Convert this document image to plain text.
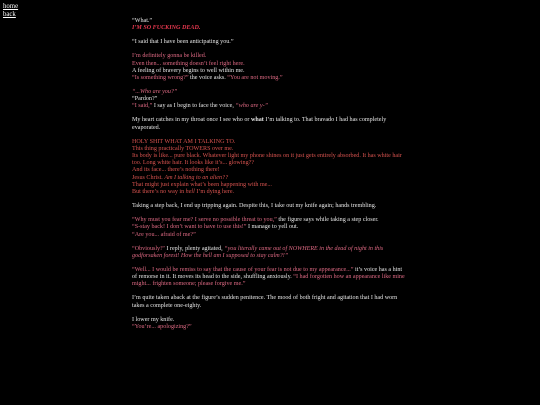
home
back

“What.”
I’M SO FUCKING DEAD.

“I said that I have been anticipating you.”

I’m definitely gonna be killed.
Even then... something doesn’t feel right here.
A feeling of bravery begins to well within me.
“Is something wrong?” the voice asks. “You are not moving.”

“...Who are you?”
“Pardon?”
“I said,” I say as I begin to face the voice, “who are y-”

My heart catches in my throat once I see who or what I’m talking to. That bravado I had has completely evaporated.

HOLY SHIT WHAT AM I TALKING TO.
This thing practically TOWERS over me.
Its body is like... pure black. Whatever light my phone shines on it just gets entirely absorbed. It has white hair too. Long white hair. It looks like it’s... glowing??
And its face... there’s nothing there!
Jesus Christ. Am I talking to an alien??
That might just explain what’s been happening with me...
But there’s no way in hell I’m dying here.

Taking a step back, I end up tripping again. Despite this, I take out my knife again; hands trembling.

“Why must you fear me? I serve no possible threat to you,” the figure says while taking a step closer.
“S-stay back! I don’t want to have to use this!” I manage to yell out.
“Are you... afraid of me?”

“Obviously!” I reply, plenty agitated, “you literally came out of NOWHERE in the dead of night in this godforsaken forest! How the hell am I supposed to stay calm?!”

“Well... I would be remiss to say that the cause of your fear is not due to my appearance...” it’s voice has a hint of remorse in it. It moves its head to the side, shuffling anxiously. “I had forgotten how an appearance like mine might... frighten someone; please forgive me.”

I’m quite taken aback at the figure’s sudden penitence. The mood of both fright and agitation that I had worn takes a complete one-eighty.

I lower my knife.
“You’re... apologizing?”
